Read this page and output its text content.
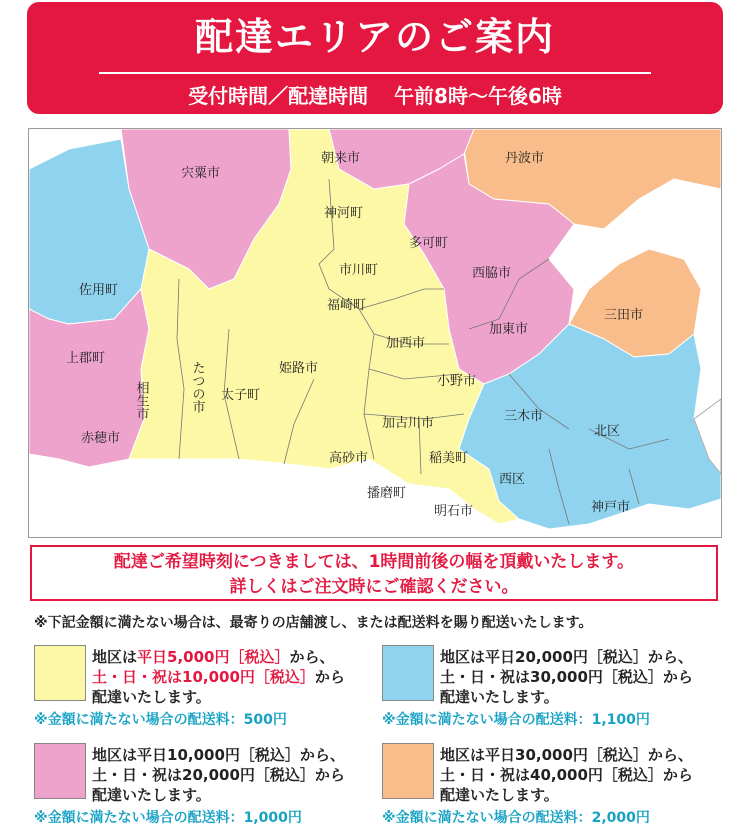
配達エリアのご案内
受付時間／配達時間 午前8時～午後6時
宍粟市
朝来市	丹波市
神河町
多可町
市川町	西脇市
佐用町
福崎町
三田市
加東市
加西市
上郡町
姫路市
太子町
小野市
三木市
北区
赤穂市
加古川市
高砂市	稲美町
西区
播磨町
神戸市
明石市
相生市	たつの市
配達ご希望時刻につきましては、1時間前後の幅を頂戴いたします。
詳しくはご注文時にご確認ください。
※下記金額に満たない場合は、最寄りの店舗渡し、または配送料を賜り配送いたします。
地区は平日5,000円［税込］から、
土・日・祝は10,000円［税込］から
配達いたします。
※金額に満たない場合の配送料：500円
地区は平日20,000円［税込］から、
土・日・祝は30,000円［税込］から
配達いたします。
※金額に満たない場合の配送料：1,100円
地区は平日10,000円［税込］から、
土・日・祝は20,000円［税込］から
配達いたします。
※金額に満たない場合の配送料：1,000円
地区は平日30,000円［税込］から、
土・日・祝は40,000円［税込］から
配達いたします。
※金額に満たない場合の配送料：2,000円
